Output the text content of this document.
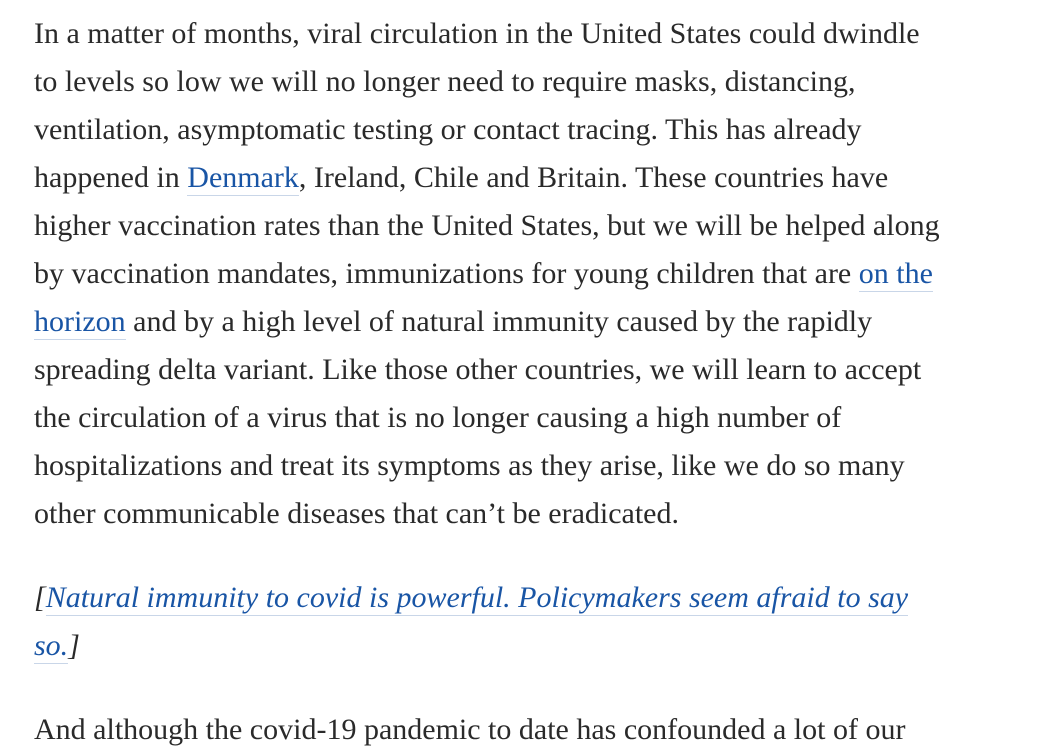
In a matter of months, viral circulation in the United States could dwindle
to levels so low we will no longer need to require masks, distancing,
ventilation, asymptomatic testing or contact tracing. This has already
happened in Denmark, Ireland, Chile and Britain. These countries have
higher vaccination rates than the United States, but we will be helped along
by vaccination mandates, immunizations for young children that are on the
horizon and by a high level of natural immunity caused by the rapidly
spreading delta variant. Like those other countries, we will learn to accept
the circulation of a virus that is no longer causing a high number of
hospitalizations and treat its symptoms as they arise, like we do so many
other communicable diseases that can’t be eradicated.
[Natural immunity to covid is powerful. Policymakers seem afraid to say
so.]
And although the covid-19 pandemic to date has confounded a lot of our
